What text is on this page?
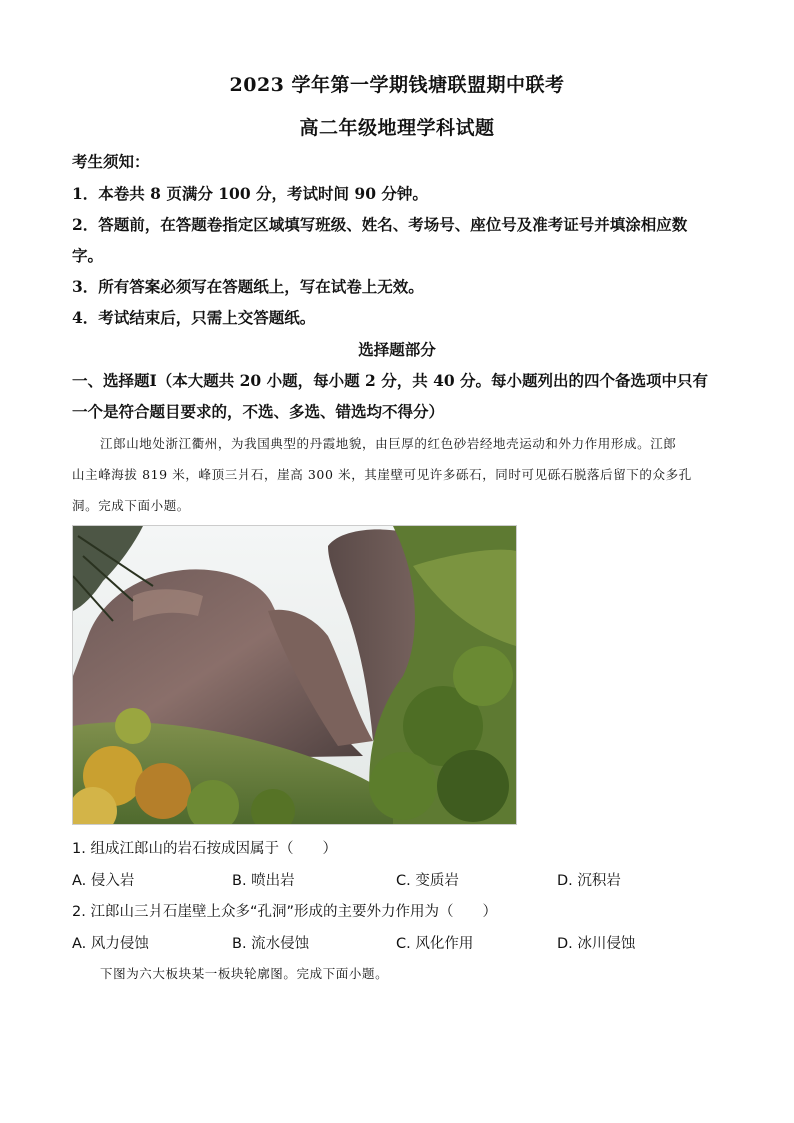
2023 学年第一学期钱塘联盟期中联考
高二年级地理学科试题
考生须知：
1．本卷共 8 页满分 100 分，考试时间 90 分钟。
2．答题前，在答题卷指定区域填写班级、姓名、考场号、座位号及准考证号并填涂相应数
字。
3．所有答案必须写在答题纸上，写在试卷上无效。
4．考试结束后，只需上交答题纸。
选择题部分
一、选择题Ⅰ（本大题共 20 小题，每小题 2 分，共 40 分。每小题列出的四个备选项中只有
一个是符合题目要求的，不选、多选、错选均不得分）
江郎山地处浙江衢州，为我国典型的丹霞地貌，由巨厚的红色砂岩经地壳运动和外力作用形成。江郎
山主峰海拔 819 米，峰顶三爿石，崖高 300 米，其崖壁可见许多砾石，同时可见砾石脱落后留下的众多孔
洞。完成下面小题。
1. 组成江郎山的岩石按成因属于（　　）
A. 侵入岩	B. 喷出岩	C. 变质岩	D. 沉积岩
2. 江郎山三爿石崖壁上众多“孔洞”形成的主要外力作用为（　　）
A. 风力侵蚀	B. 流水侵蚀	C. 风化作用	D. 冰川侵蚀
下图为六大板块某一板块轮廓图。完成下面小题。
